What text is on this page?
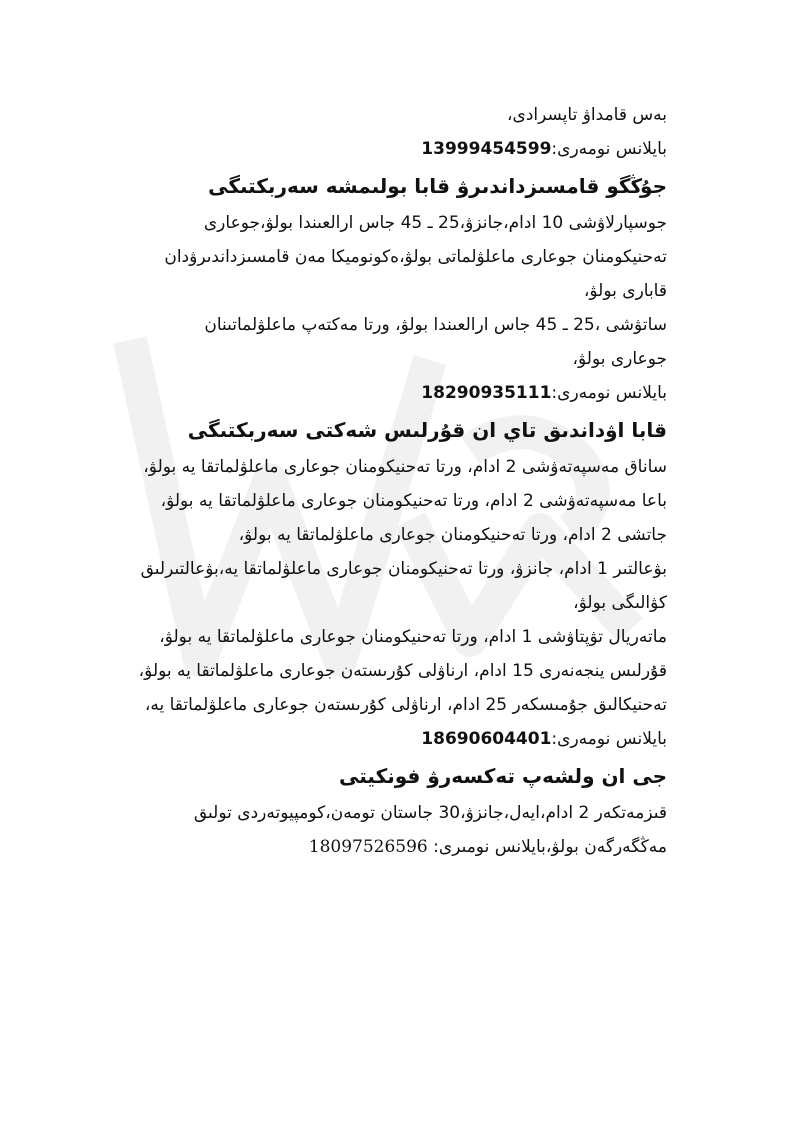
بەس قامداۋ تاپسرادى،

بايلانس نومەرى:13999454599

جۇڭگو قامسىزداندىرۋ قابا بولىمشە سەربكتىگى

جوسپارلاۋشى 10 ادام،جانزۋ،25 ـ 45 جاس ارالعىندا بولۋ،جوعارى

تەحنيكومنان جوعارى ماعلۋلماتى بولۋ،ەكونوميكا مەن قامسىزداندىرۋدان

قابارى بولۋ،

ساتۋشى ،25 ـ 45 جاس ارالعىندا بولۋ، ورتا مەكتەپ ماعلۋلماتىنان

جوعارى بولۋ،

بايلانس نومەرى:18290935111

قابا اۋداندىق تاي ان قۇرلىس شەكتى سەربكتىگى

ساناق مەسپەتەۋشى 2 ادام، ورتا تەحنيكومنان جوعارى ماعلۋلماتقا يە بولۋ،

باعا مەسپەتەۋشى 2 ادام، ورتا تەحنيكومنان جوعارى ماعلۋلماتقا يە بولۋ،

جاتشى 2 ادام، ورتا تەحنيكومنان جوعارى ماعلۋلماتقا يە بولۋ،

بۋعالتىر 1 ادام، جانزۋ، ورتا تەحنيكومنان جوعارى ماعلۋلماتقا يە،بۋعالتىرلىق

كۋالىگى بولۋ،

ماتەريال تۋپتاۋشى 1 ادام، ورتا تەحنيكومنان جوعارى ماعلۋلماتقا يە بولۋ،

قۇرلىس ينجەنەرى 15 ادام، ارناۋلى كۇرىستەن جوعارى ماعلۋلماتقا يە بولۋ،

تەحنيكالىق جۇمىسكەر 25 ادام، ارناۋلى كۇرىستەن جوعارى ماعلۋلماتقا يە،

بايلانس نومەرى:18690604401

جى ان ولشەپ تەكسەرۋ فونكيتى

قىزمەتكەر 2 ادام،ايەل،جانزۋ،30 جاستان تومەن،كومپيوتەردى تولىق

مەڭگەرگەن بولۋ،بايلانس نومىرى: 18097526596
